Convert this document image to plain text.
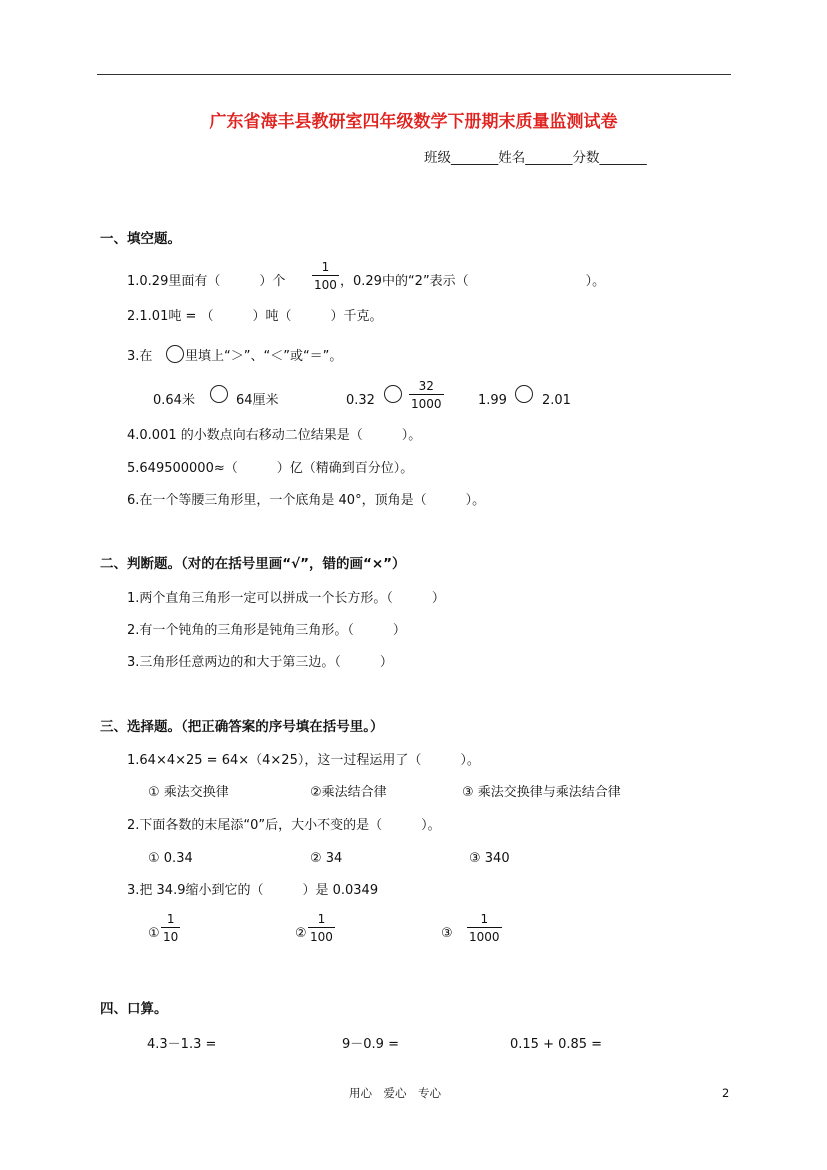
广东省海丰县教研室四年级数学下册期末质量监测试卷
班级_______姓名_______分数_______
一、填空题。
1.0.29里面有（　　　）个
1
100 ，0.29中的“2”表示（　　　　　　　　　）。
2.1.01吨 = （　　　）吨（　　　）千克。
3.在	里填上“＞”、“＜”或“＝”。
0.64米	64厘米	0.32
32
1000	1.99	2.01
4.0.001 的小数点向右移动二位结果是（　　　）。
5.649500000≈（　　　）亿（精确到百分位）。
6.在一个等腰三角形里，一个底角是 40°，顶角是（　　　）。
二、判断题。（对的在括号里画“√”，错的画“×”）
1.两个直角三角形一定可以拼成一个长方形。（　　　）
2.有一个钝角的三角形是钝角三角形。（　　　）
3.三角形任意两边的和大于第三边。（　　　）
三、选择题。（把正确答案的序号填在括号里。）
1.64×4×25 = 64×（4×25），这一过程运用了（　　　）。
① 乘法交换律	②乘法结合律	③ 乘法交换律与乘法结合律
2.下面各数的末尾添“0”后，大小不变的是（　　　）。
① 0.34	② 34	③ 340
3.把 34.9缩小到它的（　　　）是 0.0349
①
1
10	②
1
100	③
1
1000
四、口算。
4.3－1.3 =	9－0.9 =	0.15 + 0.85 =
用心　爱心　专心	2
